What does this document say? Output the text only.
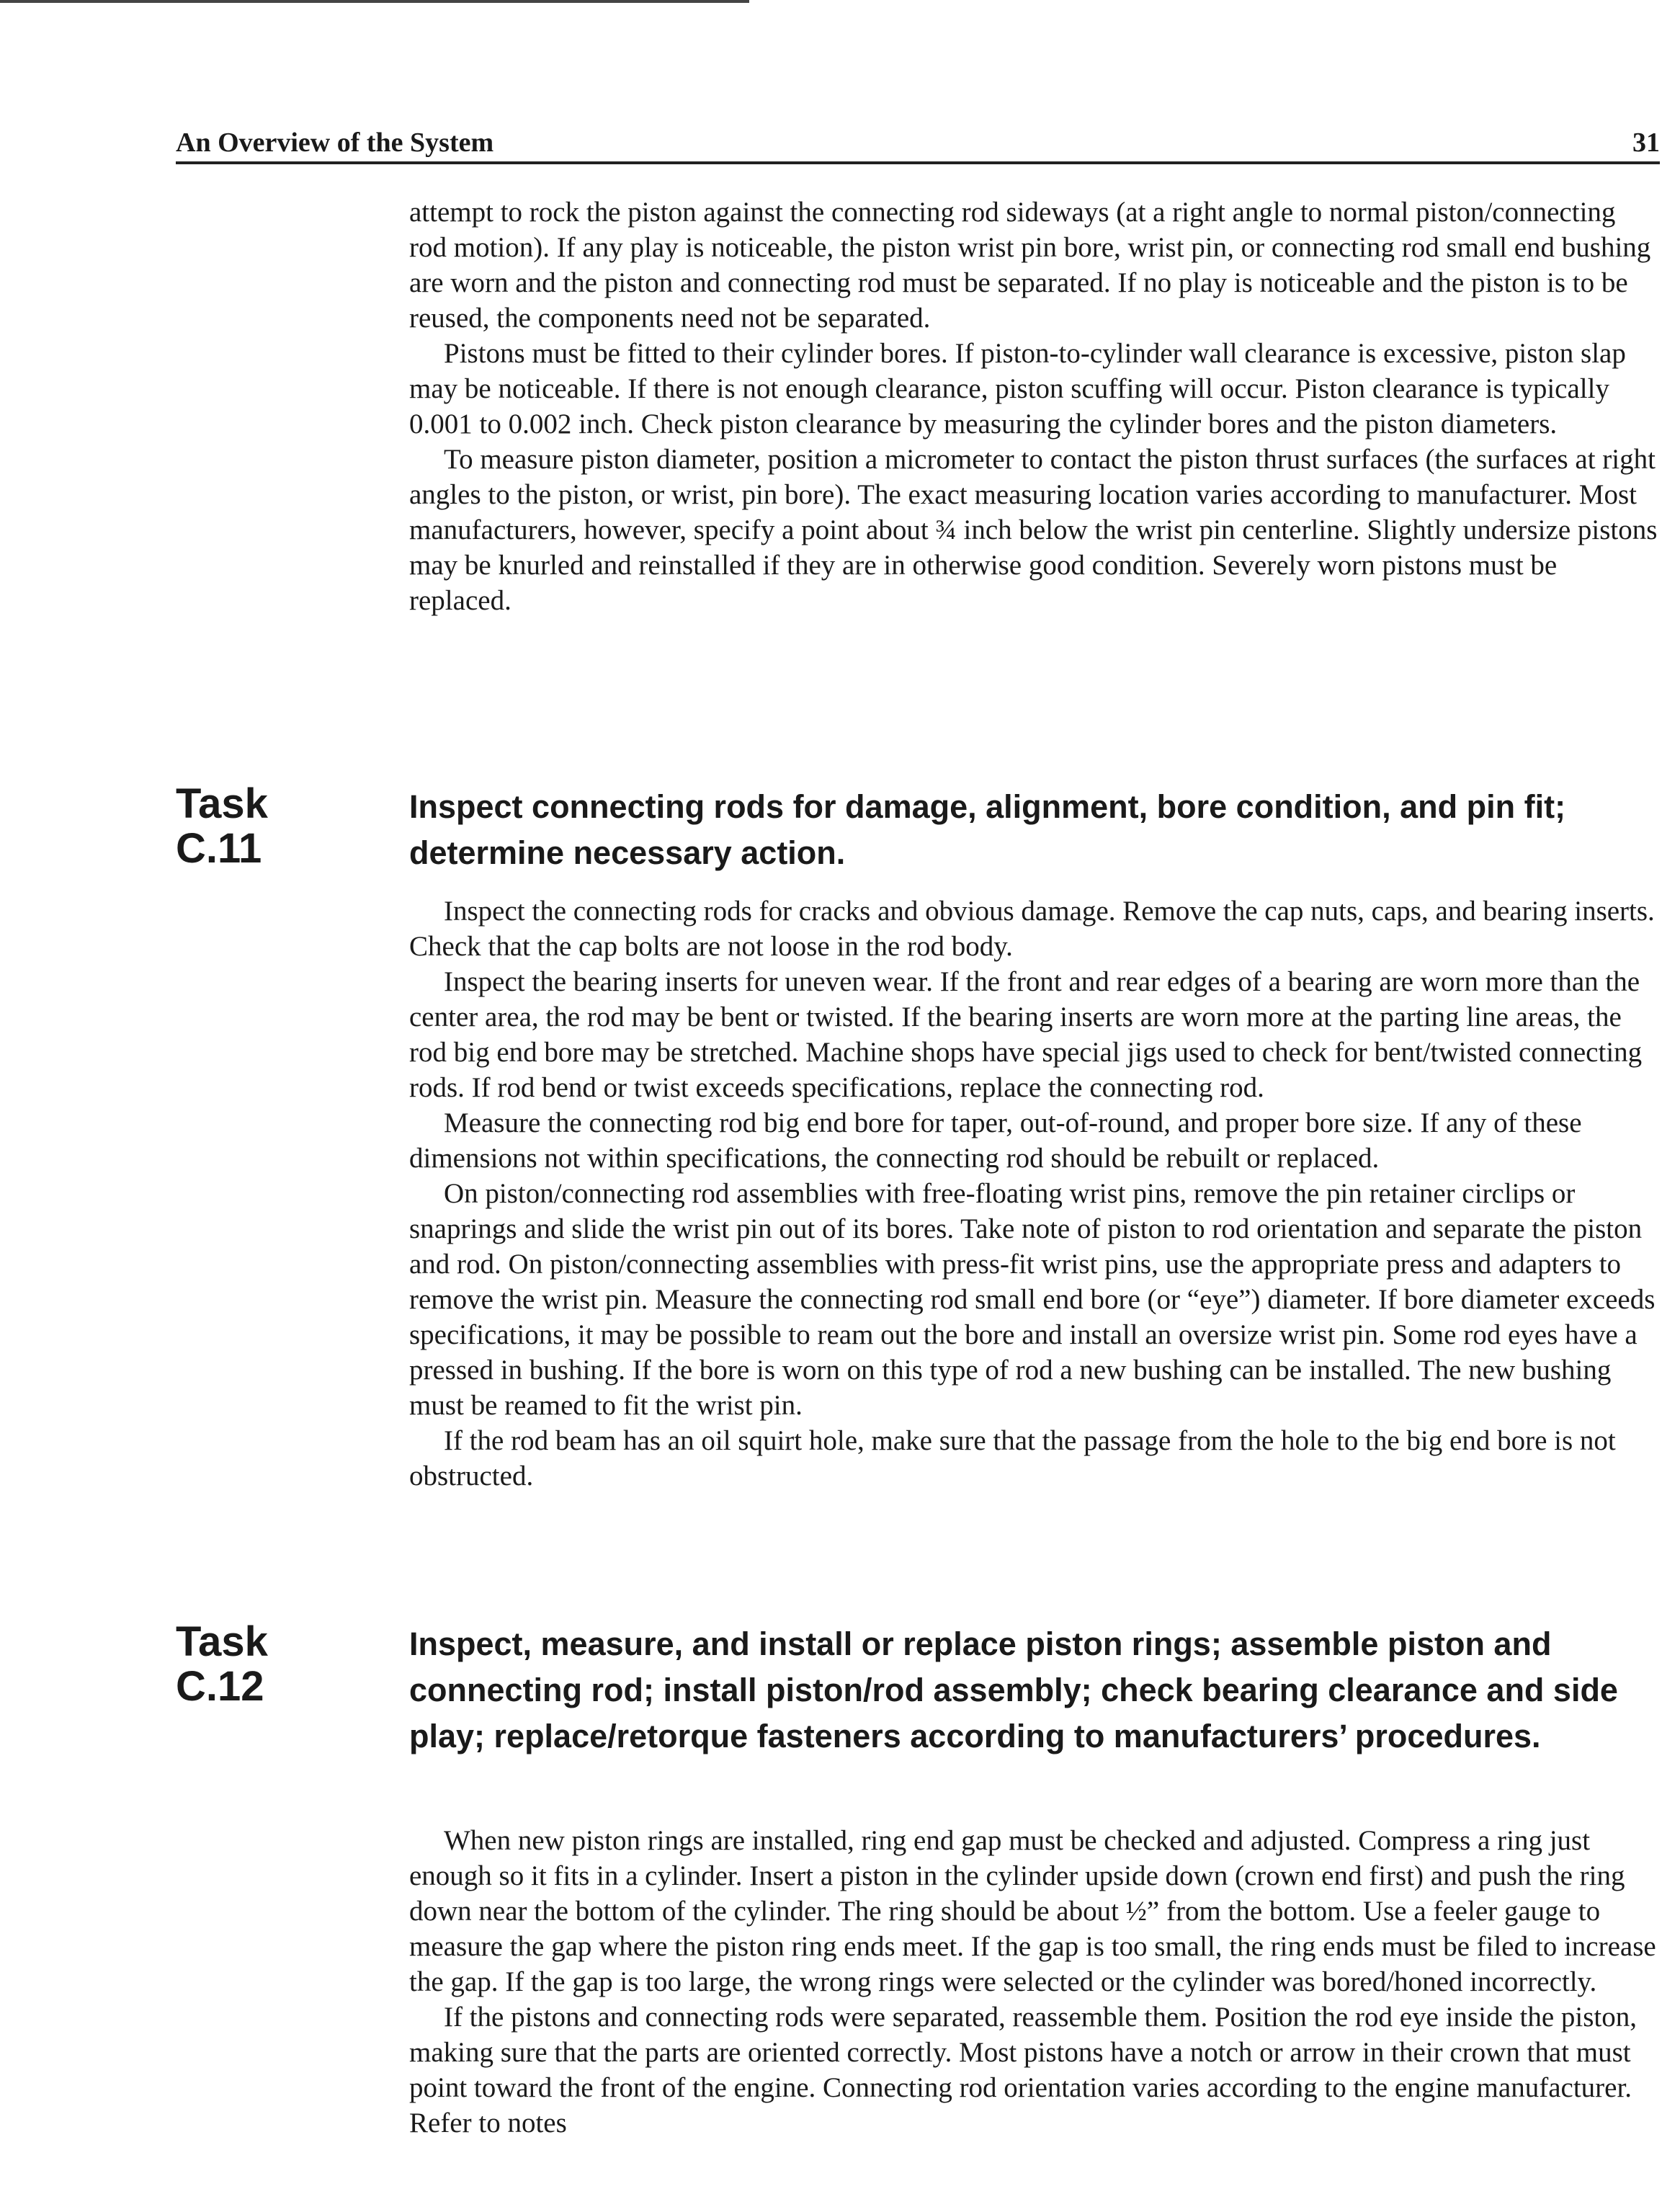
An Overview of the System	31

attempt to rock the piston against the connecting rod sideways (at a right angle to normal piston/connecting rod motion). If any play is noticeable, the piston wrist pin bore, wrist pin, or connecting rod small end bushing are worn and the piston and connecting rod must be separated. If no play is noticeable and the piston is to be reused, the components need not be separated.

Pistons must be fitted to their cylinder bores. If piston-to-cylinder wall clearance is excessive, piston slap may be noticeable. If there is not enough clearance, piston scuffing will occur. Piston clearance is typically 0.001 to 0.002 inch. Check piston clearance by measuring the cylinder bores and the piston diameters.

To measure piston diameter, position a micrometer to contact the piston thrust surfaces (the surfaces at right angles to the piston, or wrist, pin bore). The exact measuring location varies according to manufacturer. Most manufacturers, however, specify a point about ¾ inch below the wrist pin centerline. Slightly undersize pistons may be knurled and reinstalled if they are in otherwise good condition. Severely worn pistons must be replaced.

Task
C.11
Inspect connecting rods for damage, alignment, bore condition, and pin fit; determine necessary action.

Inspect the connecting rods for cracks and obvious damage. Remove the cap nuts, caps, and bearing inserts. Check that the cap bolts are not loose in the rod body.

Inspect the bearing inserts for uneven wear. If the front and rear edges of a bearing are worn more than the center area, the rod may be bent or twisted. If the bearing inserts are worn more at the parting line areas, the rod big end bore may be stretched. Machine shops have special jigs used to check for bent/twisted connecting rods. If rod bend or twist exceeds specifications, replace the connecting rod.

Measure the connecting rod big end bore for taper, out-of-round, and proper bore size. If any of these dimensions not within specifications, the connecting rod should be rebuilt or replaced.

On piston/connecting rod assemblies with free-floating wrist pins, remove the pin retainer circlips or snaprings and slide the wrist pin out of its bores. Take note of piston to rod orientation and separate the piston and rod. On piston/connecting assemblies with press-fit wrist pins, use the appropriate press and adapters to remove the wrist pin. Measure the connecting rod small end bore (or “eye”) diameter. If bore diameter exceeds specifications, it may be possible to ream out the bore and install an oversize wrist pin. Some rod eyes have a pressed in bushing. If the bore is worn on this type of rod a new bushing can be installed. The new bushing must be reamed to fit the wrist pin.

If the rod beam has an oil squirt hole, make sure that the passage from the hole to the big end bore is not obstructed.

Task
C.12
Inspect, measure, and install or replace piston rings; assemble piston and connecting rod; install piston/rod assembly; check bearing clearance and side play; replace/retorque fasteners according to manufacturers’ procedures.

When new piston rings are installed, ring end gap must be checked and adjusted. Compress a ring just enough so it fits in a cylinder. Insert a piston in the cylinder upside down (crown end first) and push the ring down near the bottom of the cylinder. The ring should be about ½” from the bottom. Use a feeler gauge to measure the gap where the piston ring ends meet. If the gap is too small, the ring ends must be filed to increase the gap. If the gap is too large, the wrong rings were selected or the cylinder was bored/honed incorrectly.

If the pistons and connecting rods were separated, reassemble them. Position the rod eye inside the piston, making sure that the parts are oriented correctly. Most pistons have a notch or arrow in their crown that must point toward the front of the engine. Connecting rod orientation varies according to the engine manufacturer. Refer to notes
